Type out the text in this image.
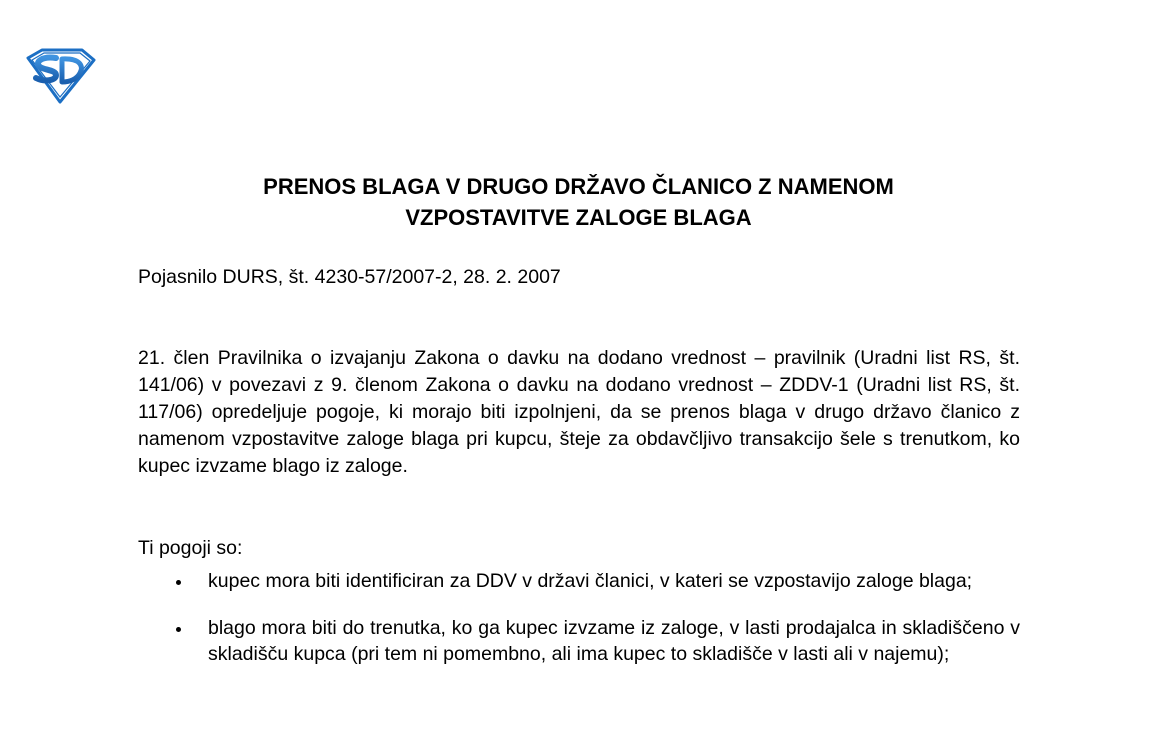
PRENOS BLAGA V DRUGO DRŽAVO ČLANICO Z NAMENOM
VZPOSTAVITVE ZALOGE BLAGA

Pojasnilo DURS, št. 4230-57/2007-2, 28. 2. 2007

21. člen Pravilnika o izvajanju Zakona o davku na dodano vrednost – pravilnik (Uradni list RS, št. 141/06) v povezavi z 9. členom Zakona o davku na dodano vrednost – ZDDV-1 (Uradni list RS, št. 117/06) opredeljuje pogoje, ki morajo biti izpolnjeni, da se prenos blaga v drugo državo članico z namenom vzpostavitve zaloge blaga pri kupcu, šteje za obdavčljivo transakcijo šele s trenutkom, ko kupec izvzame blago iz zaloge.

Ti pogoji so:

kupec mora biti identificiran za DDV v državi članici, v kateri se vzpostavijo zaloge blaga;
blago mora biti do trenutka, ko ga kupec izvzame iz zaloge, v lasti prodajalca in skladiščeno v skladišču kupca (pri tem ni pomembno, ali ima kupec to skladišče v lasti ali v najemu);
